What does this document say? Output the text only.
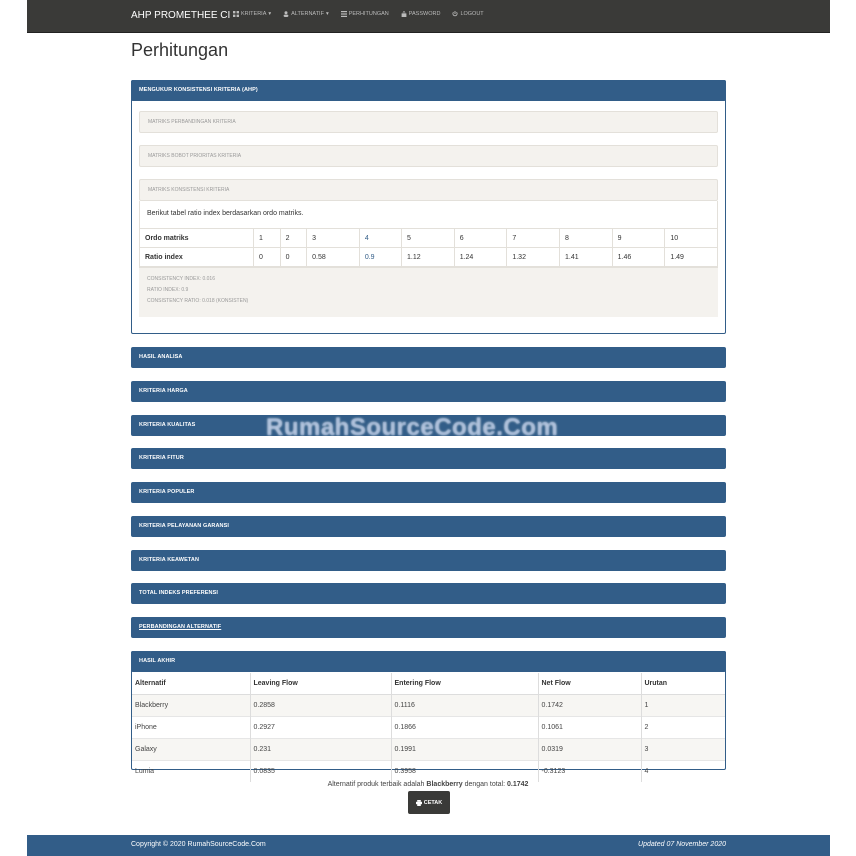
AHP PROMETHEE CI KRITERIA ▾	ALTERNATIF ▾	PERHITUNGAN	PASSWORD	LOGOUT
Perhitungan
MENGUKUR KONSISTENSI KRITERIA (AHP)
MATRIKS PERBANDINGAN KRITERIA
MATRIKS BOBOT PRIORITAS KRITERIA
MATRIKS KONSISTENSI KRITERIA
Berikut tabel ratio index berdasarkan ordo matriks.
Ordo matriks	1	2	3	4	5	6	7	8	9	10
Ratio index	0	0	0.58	0.9	1.12	1.24	1.32	1.41	1.46	1.49
CONSISTENCY INDEX: 0.016
RATIO INDEX: 0.9
CONSISTENCY RATIO: 0.018 (KONSISTEN)
HASIL ANALISA
KRITERIA HARGA
KRITERIA KUALITAS
KRITERIA FITUR
KRITERIA POPULER
KRITERIA PELAYANAN GARANSI
KRITERIA KEAWETAN
TOTAL INDEKS PREFERENSI
PERBANDINGAN ALTERNATIF
HASIL AKHIR
Alternatif	Leaving Flow	Entering Flow	Net Flow	Urutan
Blackberry	0.2858	0.1116	0.1742	1
iPhone	0.2927	0.1866	0.1061	2
Galaxy	0.231	0.1991	0.0319	3
Lumia	0.0835	0.3958	-0.3123	4
Alternatif produk terbaik adalah Blackberry dengan total: 0.1742
CETAK
RumahSourceCode.Com
Copyright © 2020 RumahSourceCode.Com	Updated 07 November 2020
